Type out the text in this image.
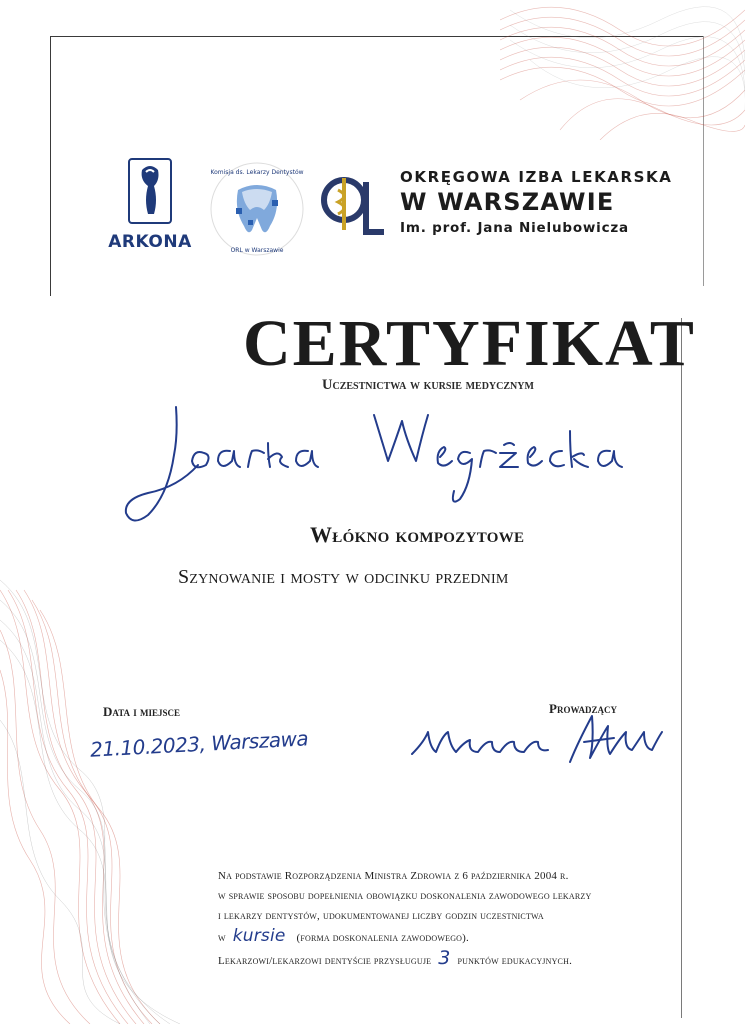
ARKONA
Komisja ds. Lekarzy Dentystów
ORL w Warszawie
OKRĘGOWA IZBA LEKARSKA
W WARSZAWIE
Im. prof. Jana Nielubowicza
CERTYFIKAT
Uczestnictwa w kursie medycznym
Włókno kompozytowe
Szynowanie i mosty w odcinku przednim
Data i miejsce
21.10.2023, Warszawa
Prowadzący

Na podstawie Rozporządzenia Ministra Zdrowia z 6 października 2004 r.

w sprawie sposobu dopełnienia obowiązku doskonalenia zawodowego lekarzy

i lekarzy dentystów, udokumentowanej liczby godzin uczestnictwa

w kursie (forma doskonalenia zawodowego).

Lekarzowi/lekarzowi dentyście przysługuje 3 punktów edukacyjnych.
